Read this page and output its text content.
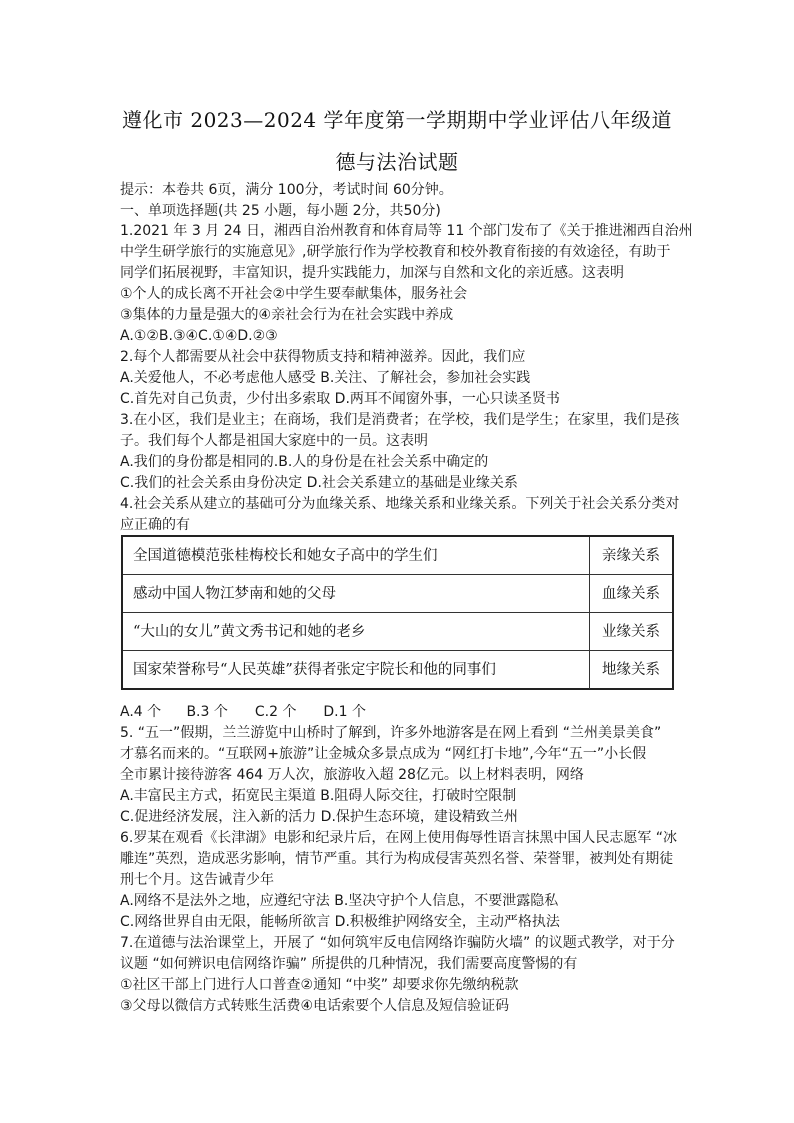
遵化市 2023—2024 学年度第一学期期中学业评估八年级道
德与法治试题
提示：本卷共 6页，满分 100分，考试时间 60分钟。
一、单项选择题(共 25 小题，每小题 2分，共50分)
1.2021 年 3 月 24 日，湘西自治州教育和体育局等 11 个部门发布了《关于推进湘西自治州
中学生研学旅行的实施意见》,研学旅行作为学校教育和校外教育衔接的有效途径，有助于
同学们拓展视野，丰富知识，提升实践能力，加深与自然和文化的亲近感。这表明
①个人的成长离不开社会②中学生要奉献集体，服务社会
③集体的力量是强大的④亲社会行为在社会实践中养成
A.①②B.③④C.①④D.②③
2.每个人都需要从社会中获得物质支持和精神滋养。因此，我们应
A.关爱他人，不必考虑他人感受 B.关注、了解社会，参加社会实践
C.首先对自己负责，少付出多索取 D.两耳不闻窗外事，一心只读圣贤书
3.在小区，我们是业主；在商场，我们是消费者；在学校，我们是学生；在家里，我们是孩
子。我们每个人都是祖国大家庭中的一员。这表明
A.我们的身份都是相同的.B.人的身份是在社会关系中确定的
C.我们的社会关系由身份决定 D.社会关系建立的基础是业缘关系
4.社会关系从建立的基础可分为血缘关系、地缘关系和业缘关系。下列关于社会关系分类对
应正确的有
全国道德模范张桂梅校长和她女子高中的学生们	亲缘关系
感动中国人物江梦南和她的父母	血缘关系
“大山的女儿”黄文秀书记和她的老乡	业缘关系
国家荣誉称号“人民英雄”获得者张定宇院长和他的同事们	地缘关系
A.4 个 B.3 个 C.2 个 D.1 个
5. “五一”假期，兰兰游览中山桥时了解到，许多外地游客是在网上看到 “兰州美景美食”
才慕名而来的。“互联网+旅游”让金城众多景点成为 “网红打卡地”,今年“五一”小长假
全市累计接待游客 464 万人次，旅游收入超 28亿元。以上材料表明，网络
A.丰富民主方式，拓宽民主渠道 B.阻碍人际交往，打破时空限制
C.促进经济发展，注入新的活力 D.保护生态环境，建设精致兰州
6.罗某在观看《长津湖》电影和纪录片后，在网上使用侮辱性语言抹黑中国人民志愿军 “冰
雕连”英烈，造成恶劣影响，情节严重。其行为构成侵害英烈名誉、荣誉罪，被判处有期徒
刑七个月。这告诫青少年
A.网络不是法外之地，应遵纪守法 B.坚决守护个人信息，不要泄露隐私
C.网络世界自由无限，能畅所欲言 D.积极维护网络安全，主动严格执法
7.在道德与法治课堂上，开展了 “如何筑牢反电信网络诈骗防火墙” 的议题式教学，对于分
议题 “如何辨识电信网络诈骗” 所提供的几种情况，我们需要高度警惕的有
①社区干部上门进行人口普查②通知 “中奖” 却要求你先缴纳税款
③父母以微信方式转账生活费④电话索要个人信息及短信验证码
